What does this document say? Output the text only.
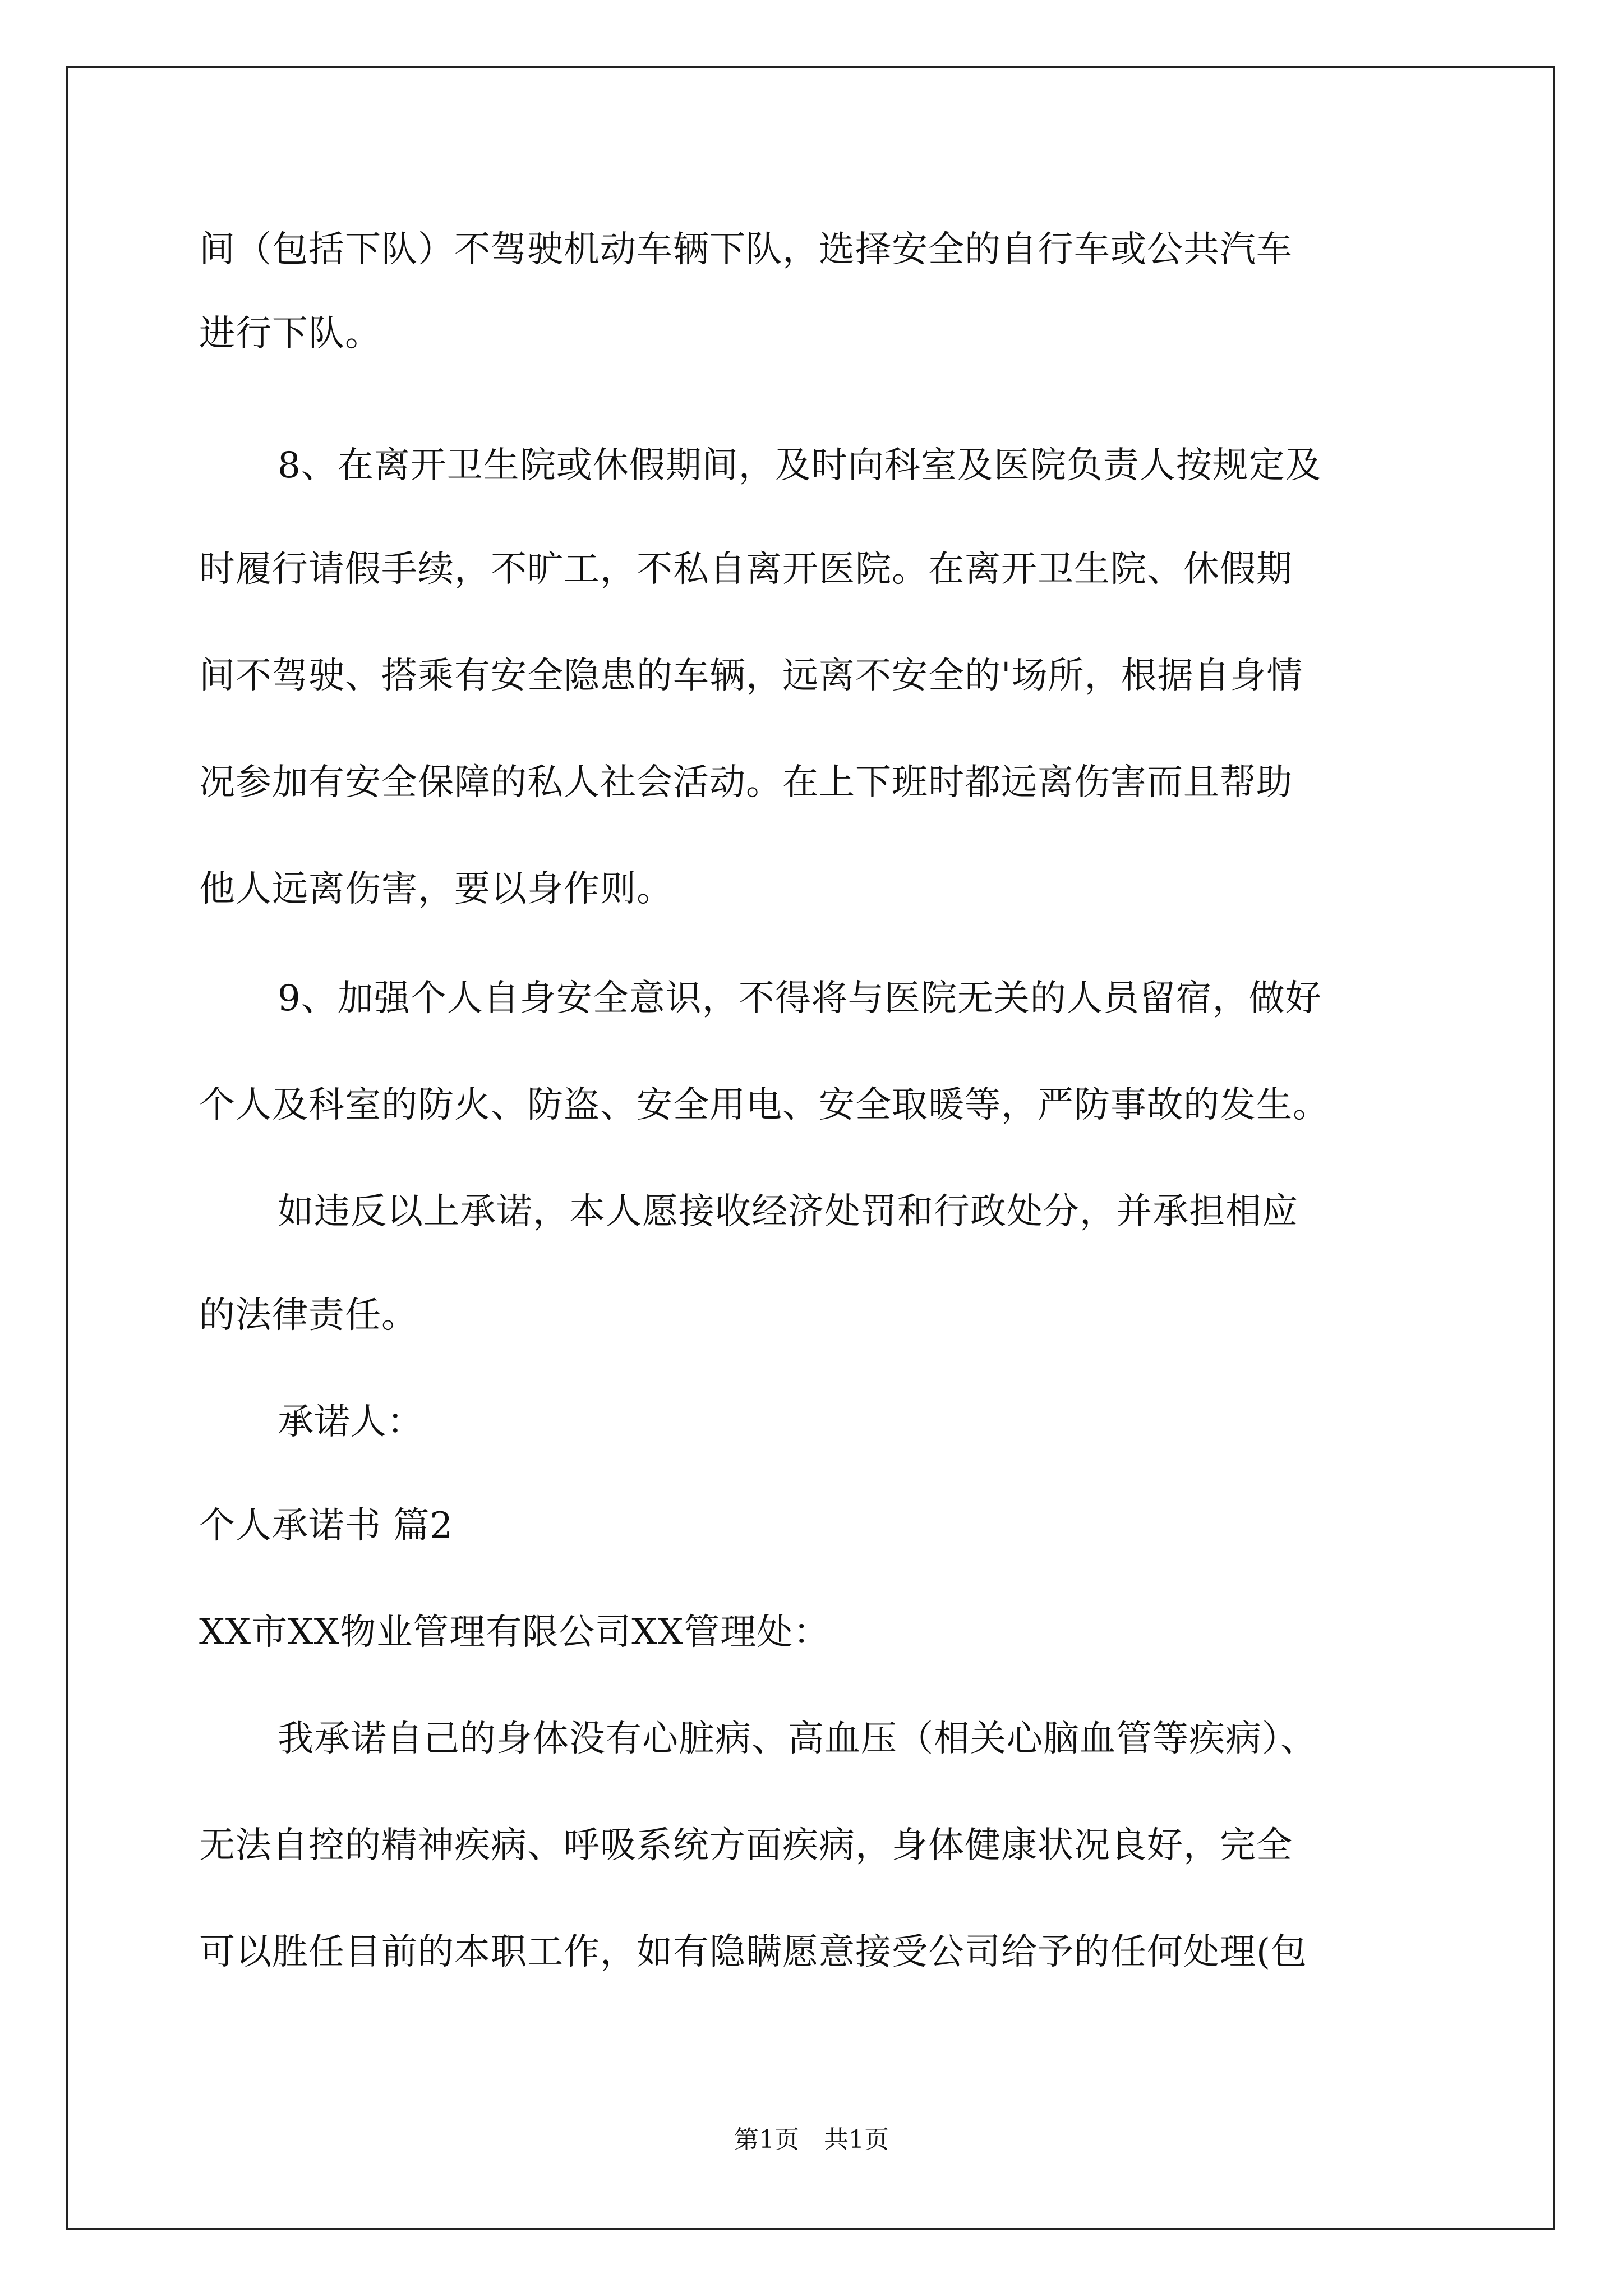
间（包括下队）不驾驶机动车辆下队，选择安全的自行车或公共汽车
进行下队。
8、在离开卫生院或休假期间，及时向科室及医院负责人按规定及
时履行请假手续，不旷工，不私自离开医院。在离开卫生院、休假期
间不驾驶、搭乘有安全隐患的车辆，远离不安全的'场所，根据自身情
况参加有安全保障的私人社会活动。在上下班时都远离伤害而且帮助
他人远离伤害，要以身作则。
9、加强个人自身安全意识，不得将与医院无关的人员留宿，做好
个人及科室的防火、防盗、安全用电、安全取暖等，严防事故的发生。
如违反以上承诺，本人愿接收经济处罚和行政处分，并承担相应
的法律责任。
承诺人：
个人承诺书 篇2
XX市XX物业管理有限公司XX管理处：
我承诺自己的身体没有心脏病、高血压（相关心脑血管等疾病）、
无法自控的精神疾病、呼吸系统方面疾病，身体健康状况良好，完全
可以胜任目前的本职工作，如有隐瞒愿意接受公司给予的任何处理(包
第1页　共1页
